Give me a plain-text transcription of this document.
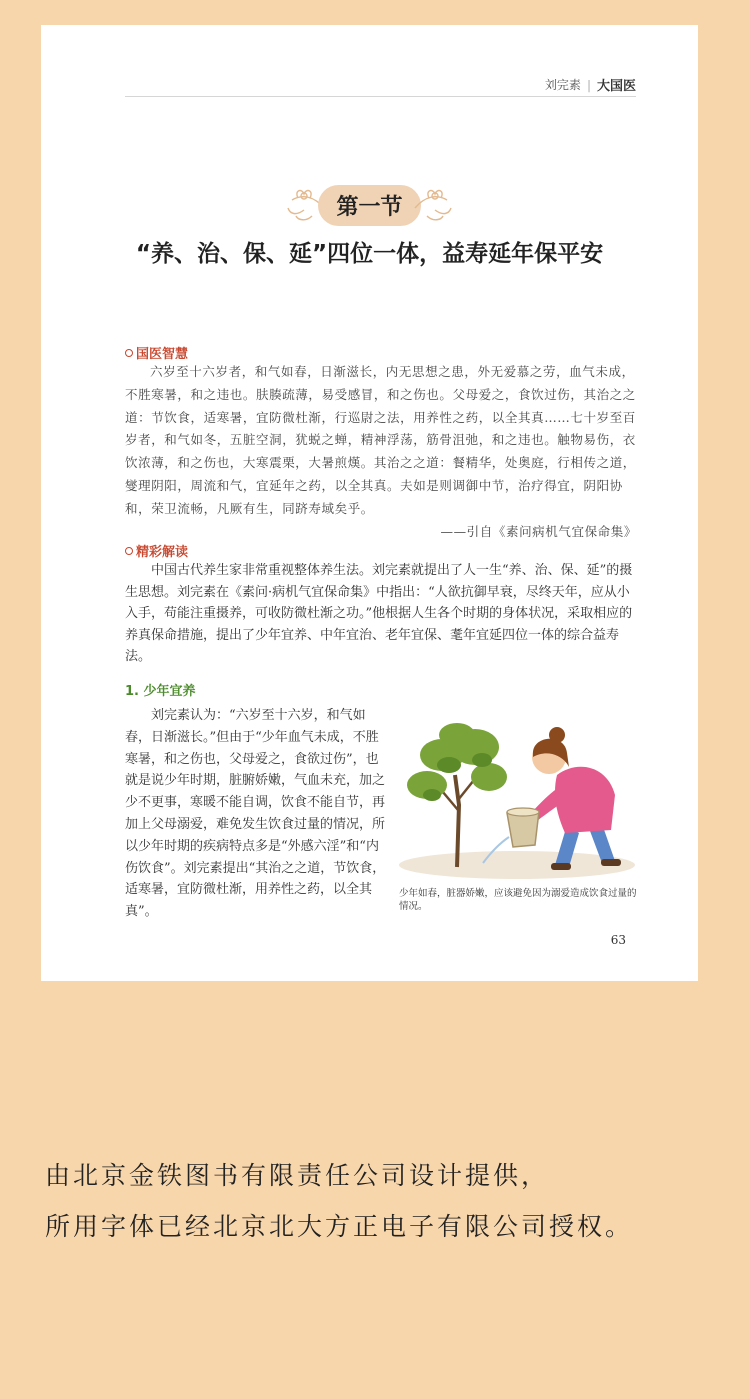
刘完素 | 大国医
第一节
“养、治、保、延”四位一体，益寿延年保平安
国医智慧

六岁至十六岁者，和气如春，日渐滋长，内无思想之患，外无爱慕之劳，血气未成，不胜寒暑，和之违也。肤腠疏薄，易受感冒，和之伤也。父母爱之，食饮过伤，其治之之道：节饮食，适寒暑，宜防微杜渐，行巡尉之法，用养性之药，以全其真……七十岁至百岁者，和气如冬，五脏空洞，犹蜕之蝉，精神浮荡，筋骨沮弛，和之违也。触物易伤，衣饮浓薄，和之伤也，大寒震栗，大暑煎熯。其治之之道：餐精华，处奥庭，行相传之道，燮理阴阳，周流和气，宜延年之药，以全其真。夫如是则调御中节，治疗得宜，阴阳协和，荣卫流畅，凡厥有生，同跻寿域矣乎。

——引自《素问病机气宜保命集》

精彩解读

中国古代养生家非常重视整体养生法。刘完素就提出了人一生“养、治、保、延”的摄生思想。刘完素在《素问·病机气宜保命集》中指出：“人欲抗御早衰，尽终天年，应从小入手，苟能注重摄养，可收防微杜渐之功。”他根据人生各个时期的身体状况，采取相应的养真保命措施，提出了少年宜养、中年宜治、老年宜保、耄年宜延四位一体的综合益寿法。

1. 少年宜养

刘完素认为：“六岁至十六岁，和气如春，日渐滋长。”但由于“少年血气未成，不胜寒暑，和之伤也，父母爱之，食欲过伤”，也就是说少年时期，脏腑娇嫩，气血未充，加之少不更事，寒暖不能自调，饮食不能自节，再加上父母溺爱，难免发生饮食过量的情况，所以少年时期的疾病特点多是“外感六淫”和“内伤饮食”。刘完素提出“其治之之道，节饮食，适寒暑，宜防微杜渐，用养性之药，以全其真”。

少年如春，脏器娇嫩，应该避免因为溺爱造成饮食过量的情况。
63
由北京金铁图书有限责任公司设计提供，
所用字体已经北京北大方正电子有限公司授权。
